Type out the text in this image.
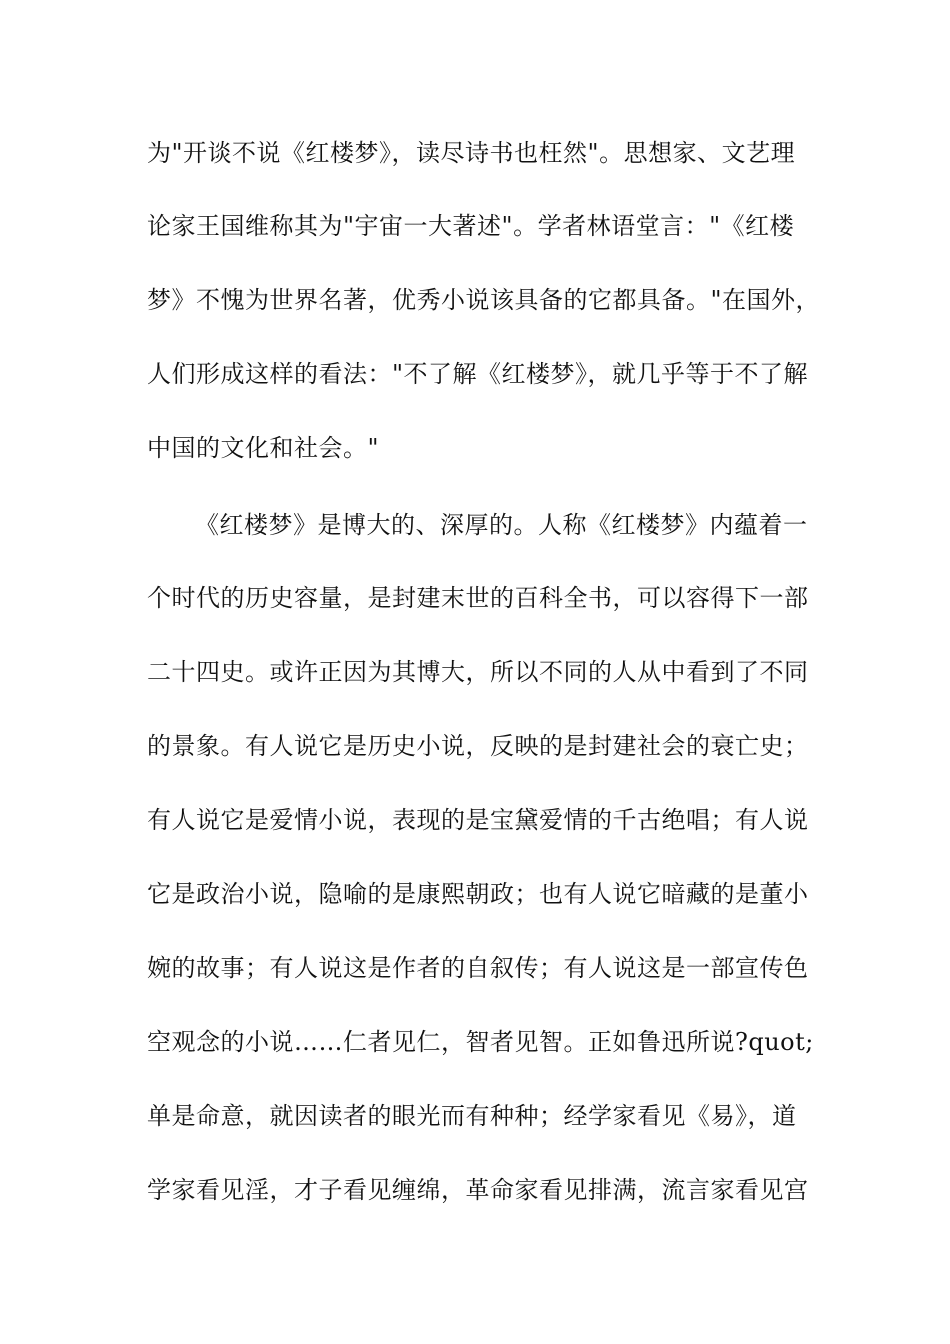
为"开谈不说《红楼梦》，读尽诗书也枉然"。思想家、文艺理
论家王国维称其为"宇宙一大著述"。学者林语堂言："《红楼
梦》不愧为世界名著，优秀小说该具备的它都具备。"在国外，
人们形成这样的看法："不了解《红楼梦》，就几乎等于不了解
中国的文化和社会。"
《红楼梦》是博大的、深厚的。人称《红楼梦》内蕴着一
个时代的历史容量，是封建末世的百科全书，可以容得下一部
二十四史。或许正因为其博大，所以不同的人从中看到了不同
的景象。有人说它是历史小说，反映的是封建社会的衰亡史；
有人说它是爱情小说，表现的是宝黛爱情的千古绝唱；有人说
它是政治小说，隐喻的是康熙朝政；也有人说它暗藏的是董小
婉的故事；有人说这是作者的自叙传；有人说这是一部宣传色
空观念的小说……仁者见仁，智者见智。正如鲁迅所说?quot;
单是命意，就因读者的眼光而有种种；经学家看见《易》，道
学家看见淫，才子看见缠绵，革命家看见排满，流言家看见宫
